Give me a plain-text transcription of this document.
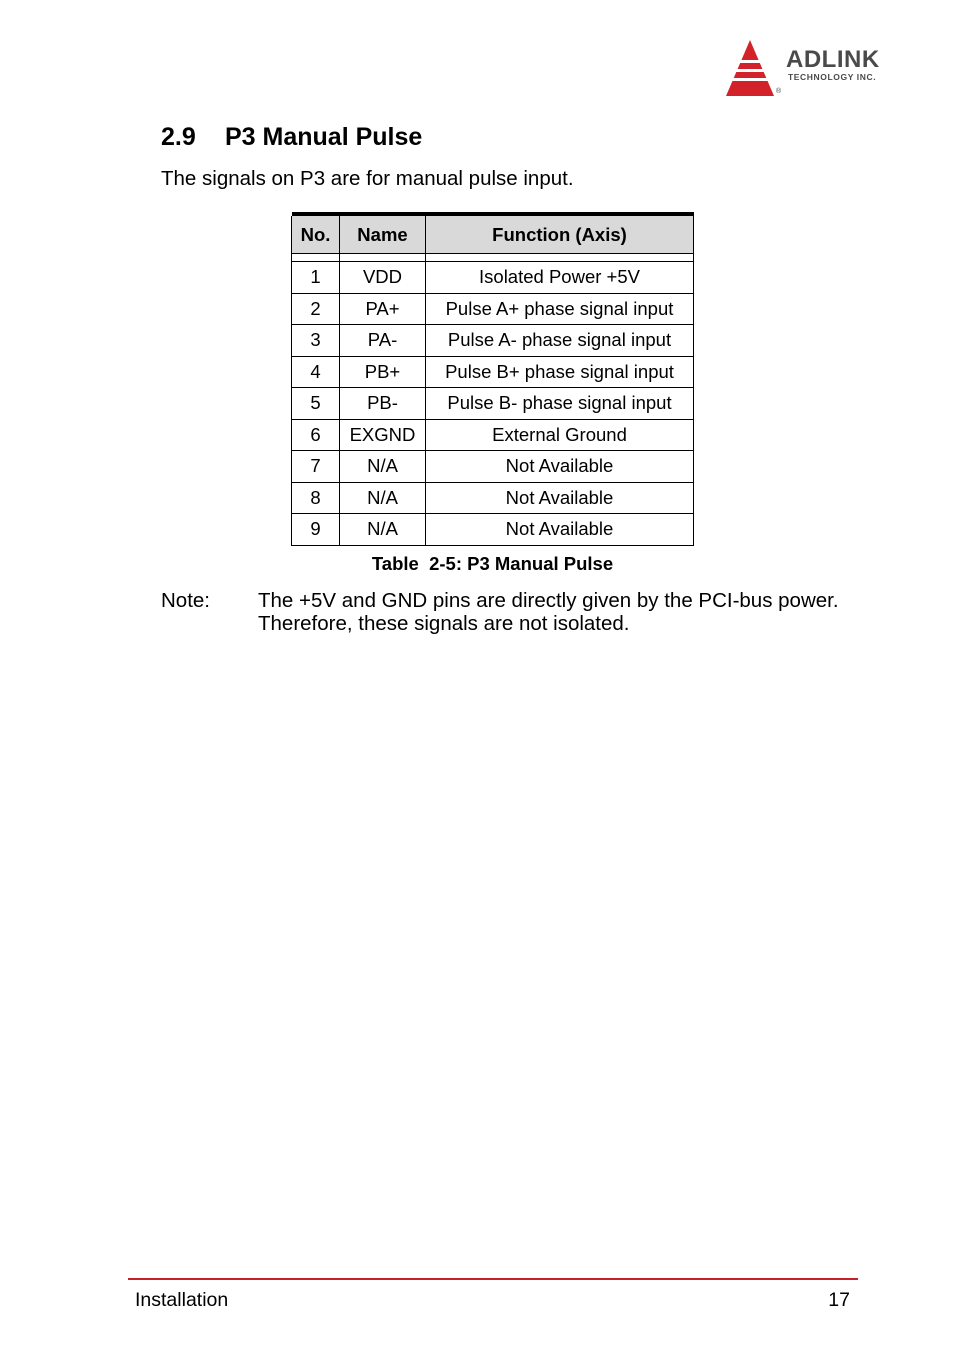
ADLINK
TECHNOLOGY INC.
®
2.9 P3 Manual Pulse
The signals on P3 are for manual pulse input.

No.	Name	Function (Axis)

1	VDD	Isolated Power +5V
2	PA+	Pulse A+ phase signal input
3	PA-	Pulse A- phase signal input
4	PB+	Pulse B+ phase signal input
5	PB-	Pulse B- phase signal input
6	EXGND	External Ground
7	N/A	Not Available
8	N/A	Not Available
9	N/A	Not Available
Table  2-5: P3 Manual Pulse
Note: The +5V and GND pins are directly given by the PCI-bus power. Therefore, these signals are not isolated.
Installation	17
